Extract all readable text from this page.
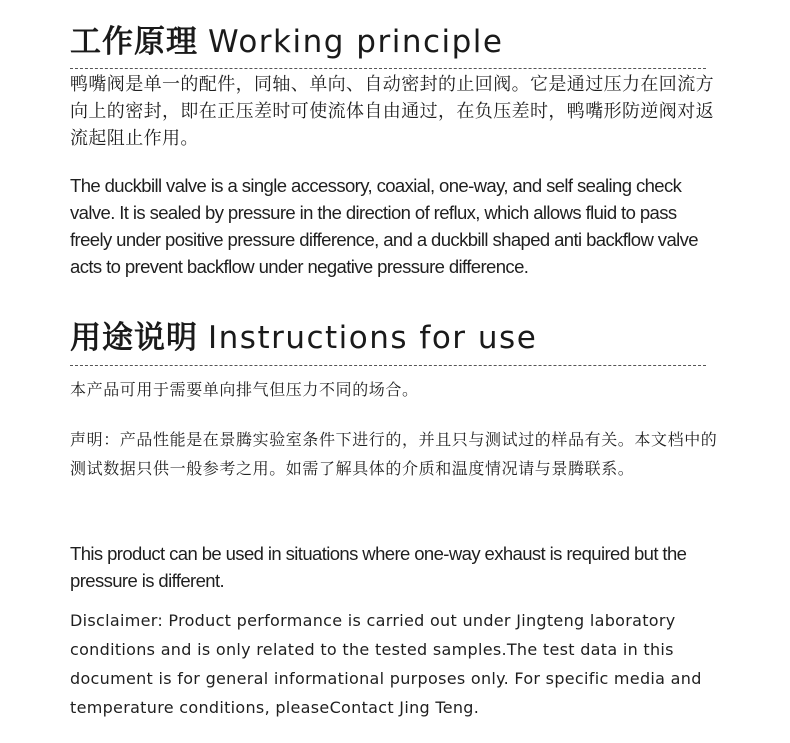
工作原理 Working principle

鸭嘴阀是单一的配件，同轴、单向、自动密封的止回阀。它是通过压力在回流方向上的密封，即在正压差时可使流体自由通过，在负压差时，鸭嘴形防逆阀对返流起阻止作用。

The duckbill valve is a single accessory, coaxial, one-way, and self sealing check valve. It is sealed by pressure in the direction of reflux, which allows fluid to pass freely under positive pressure difference, and a duckbill shaped anti backflow valve acts to prevent backflow under negative pressure difference.

用途说明 Instructions for use

本产品可用于需要单向排气但压力不同的场合。

声明：产品性能是在景腾实验室条件下进行的，并且只与测试过的样品有关。本文档中的测试数据只供一般参考之用。如需了解具体的介质和温度情况请与景腾联系。

This product can be used in situations where one-way exhaust is required but the pressure is different.

Disclaimer: Product performance is carried out under Jingteng laboratory conditions and is only related to the tested samples.The test data in this document is for general informational purposes only. For specific media and temperature conditions, pleaseContact Jing Teng.
